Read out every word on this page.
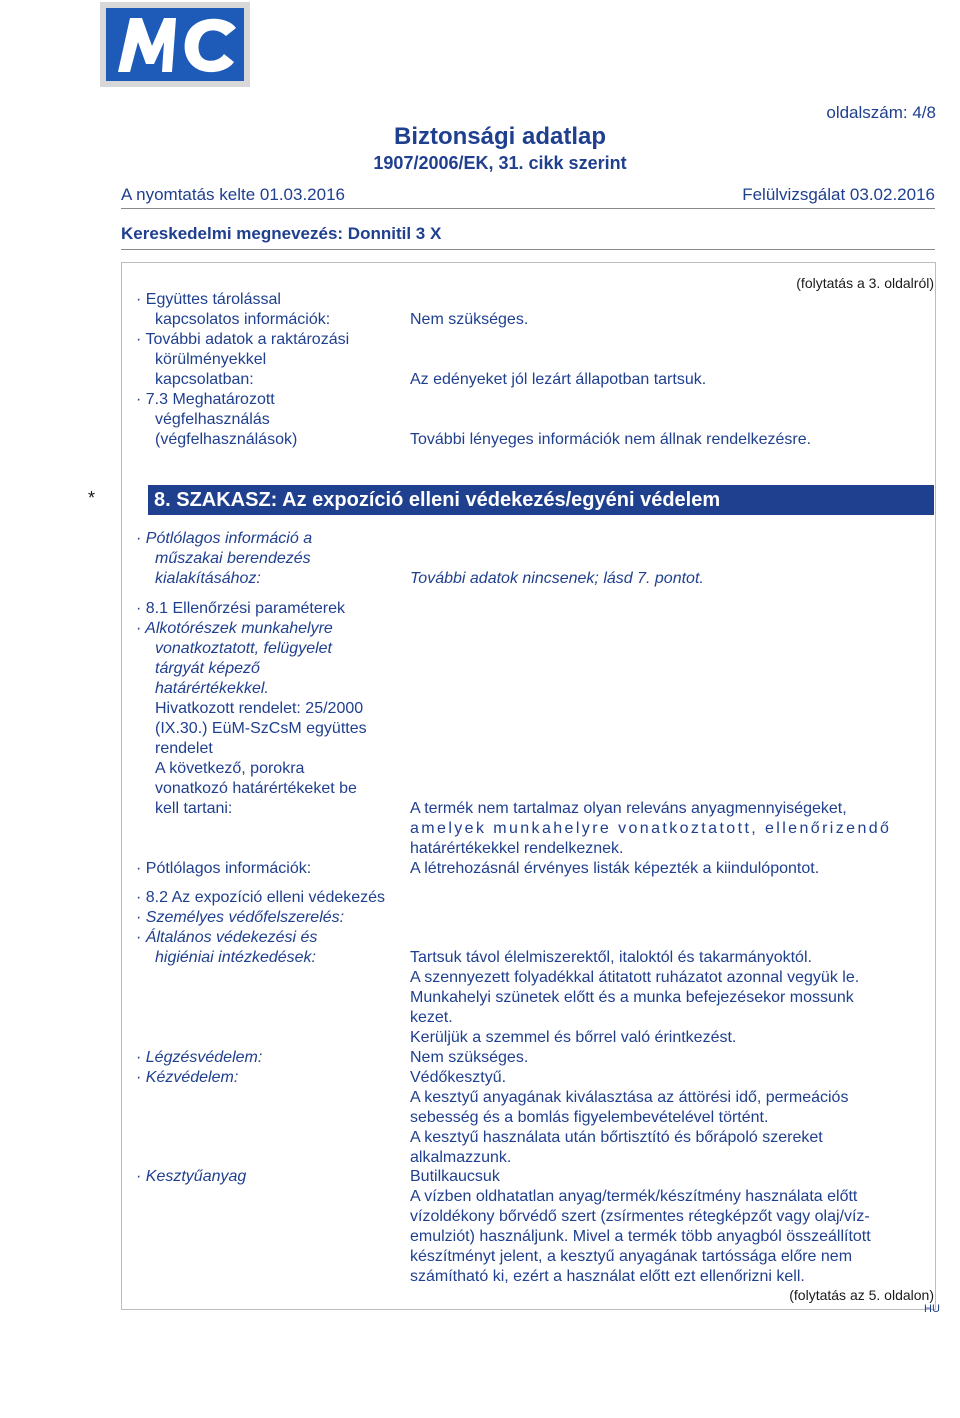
oldalszám: 4/8
Biztonsági adatlap
1907/2006/EK, 31. cikk szerint
A nyomtatás kelte 01.03.2016	Felülvizsgálat 03.02.2016
Kereskedelmi megnevezés: Donnitil 3 X
(folytatás a 3. oldalról)
· Együttes tárolással
kapcsolatos információk:	Nem szükséges.
· További adatok a raktározási
körülményekkel
kapcsolatban:	Az edényeket jól lezárt állapotban tartsuk.
· 7.3 Meghatározott
végfelhasználás
(végfelhasználások)	További lényeges információk nem állnak rendelkezésre.
*	8. SZAKASZ: Az expozíció elleni védekezés/egyéni védelem
· Pótlólagos információ a
műszakai berendezés
kialakításához:	További adatok nincsenek; lásd 7. pontot.
· 8.1 Ellenőrzési paraméterek
· Alkotórészek munkahelyre
vonatkoztatott, felügyelet
tárgyát képező
határértékekkel.
Hivatkozott rendelet: 25/2000
(IX.30.) EüM-SzCsM együttes
rendelet
A következő, porokra
vonatkozó határértékeket be
kell tartani:	A termék nem tartalmaz olyan releváns anyagmennyiségeket,
amelyek munkahelyre vonatkoztatott, ellenőrizendő
határértékekkel rendelkeznek.
· Pótlólagos információk:	A létrehozásnál érvényes listák képezték a kiindulópontot.
· 8.2 Az expozíció elleni védekezés
· Személyes védőfelszerelés:
· Általános védekezési és
higiéniai intézkedések:	Tartsuk távol élelmiszerektől, italoktól és takarmányoktól.
A szennyezett folyadékkal átitatott ruházatot azonnal vegyük le.
Munkahelyi szünetek előtt és a munka befejezésekor mossunk
kezet.
Kerüljük a szemmel és bőrrel való érintkezést.
· Légzésvédelem:	Nem szükséges.
· Kézvédelem:	Védőkesztyű.
A kesztyű anyagának kiválasztása az áttörési idő, permeációs
sebesség és a bomlás figyelembevételével történt.
A kesztyű használata után bőrtisztító és bőrápoló szereket
alkalmazzunk.
· Kesztyűanyag	Butilkaucsuk
A vízben oldhatatlan anyag/termék/készítmény használata előtt
vízoldékony bőrvédő szert (zsírmentes rétegképzőt vagy olaj/víz-
emulziót) használjunk. Mivel a termék több anyagból összeállított
készítményt jelent, a kesztyű anyagának tartóssága előre nem
számítható ki, ezért a használat előtt ezt ellenőrizni kell.
(folytatás az 5. oldalon)
HU
